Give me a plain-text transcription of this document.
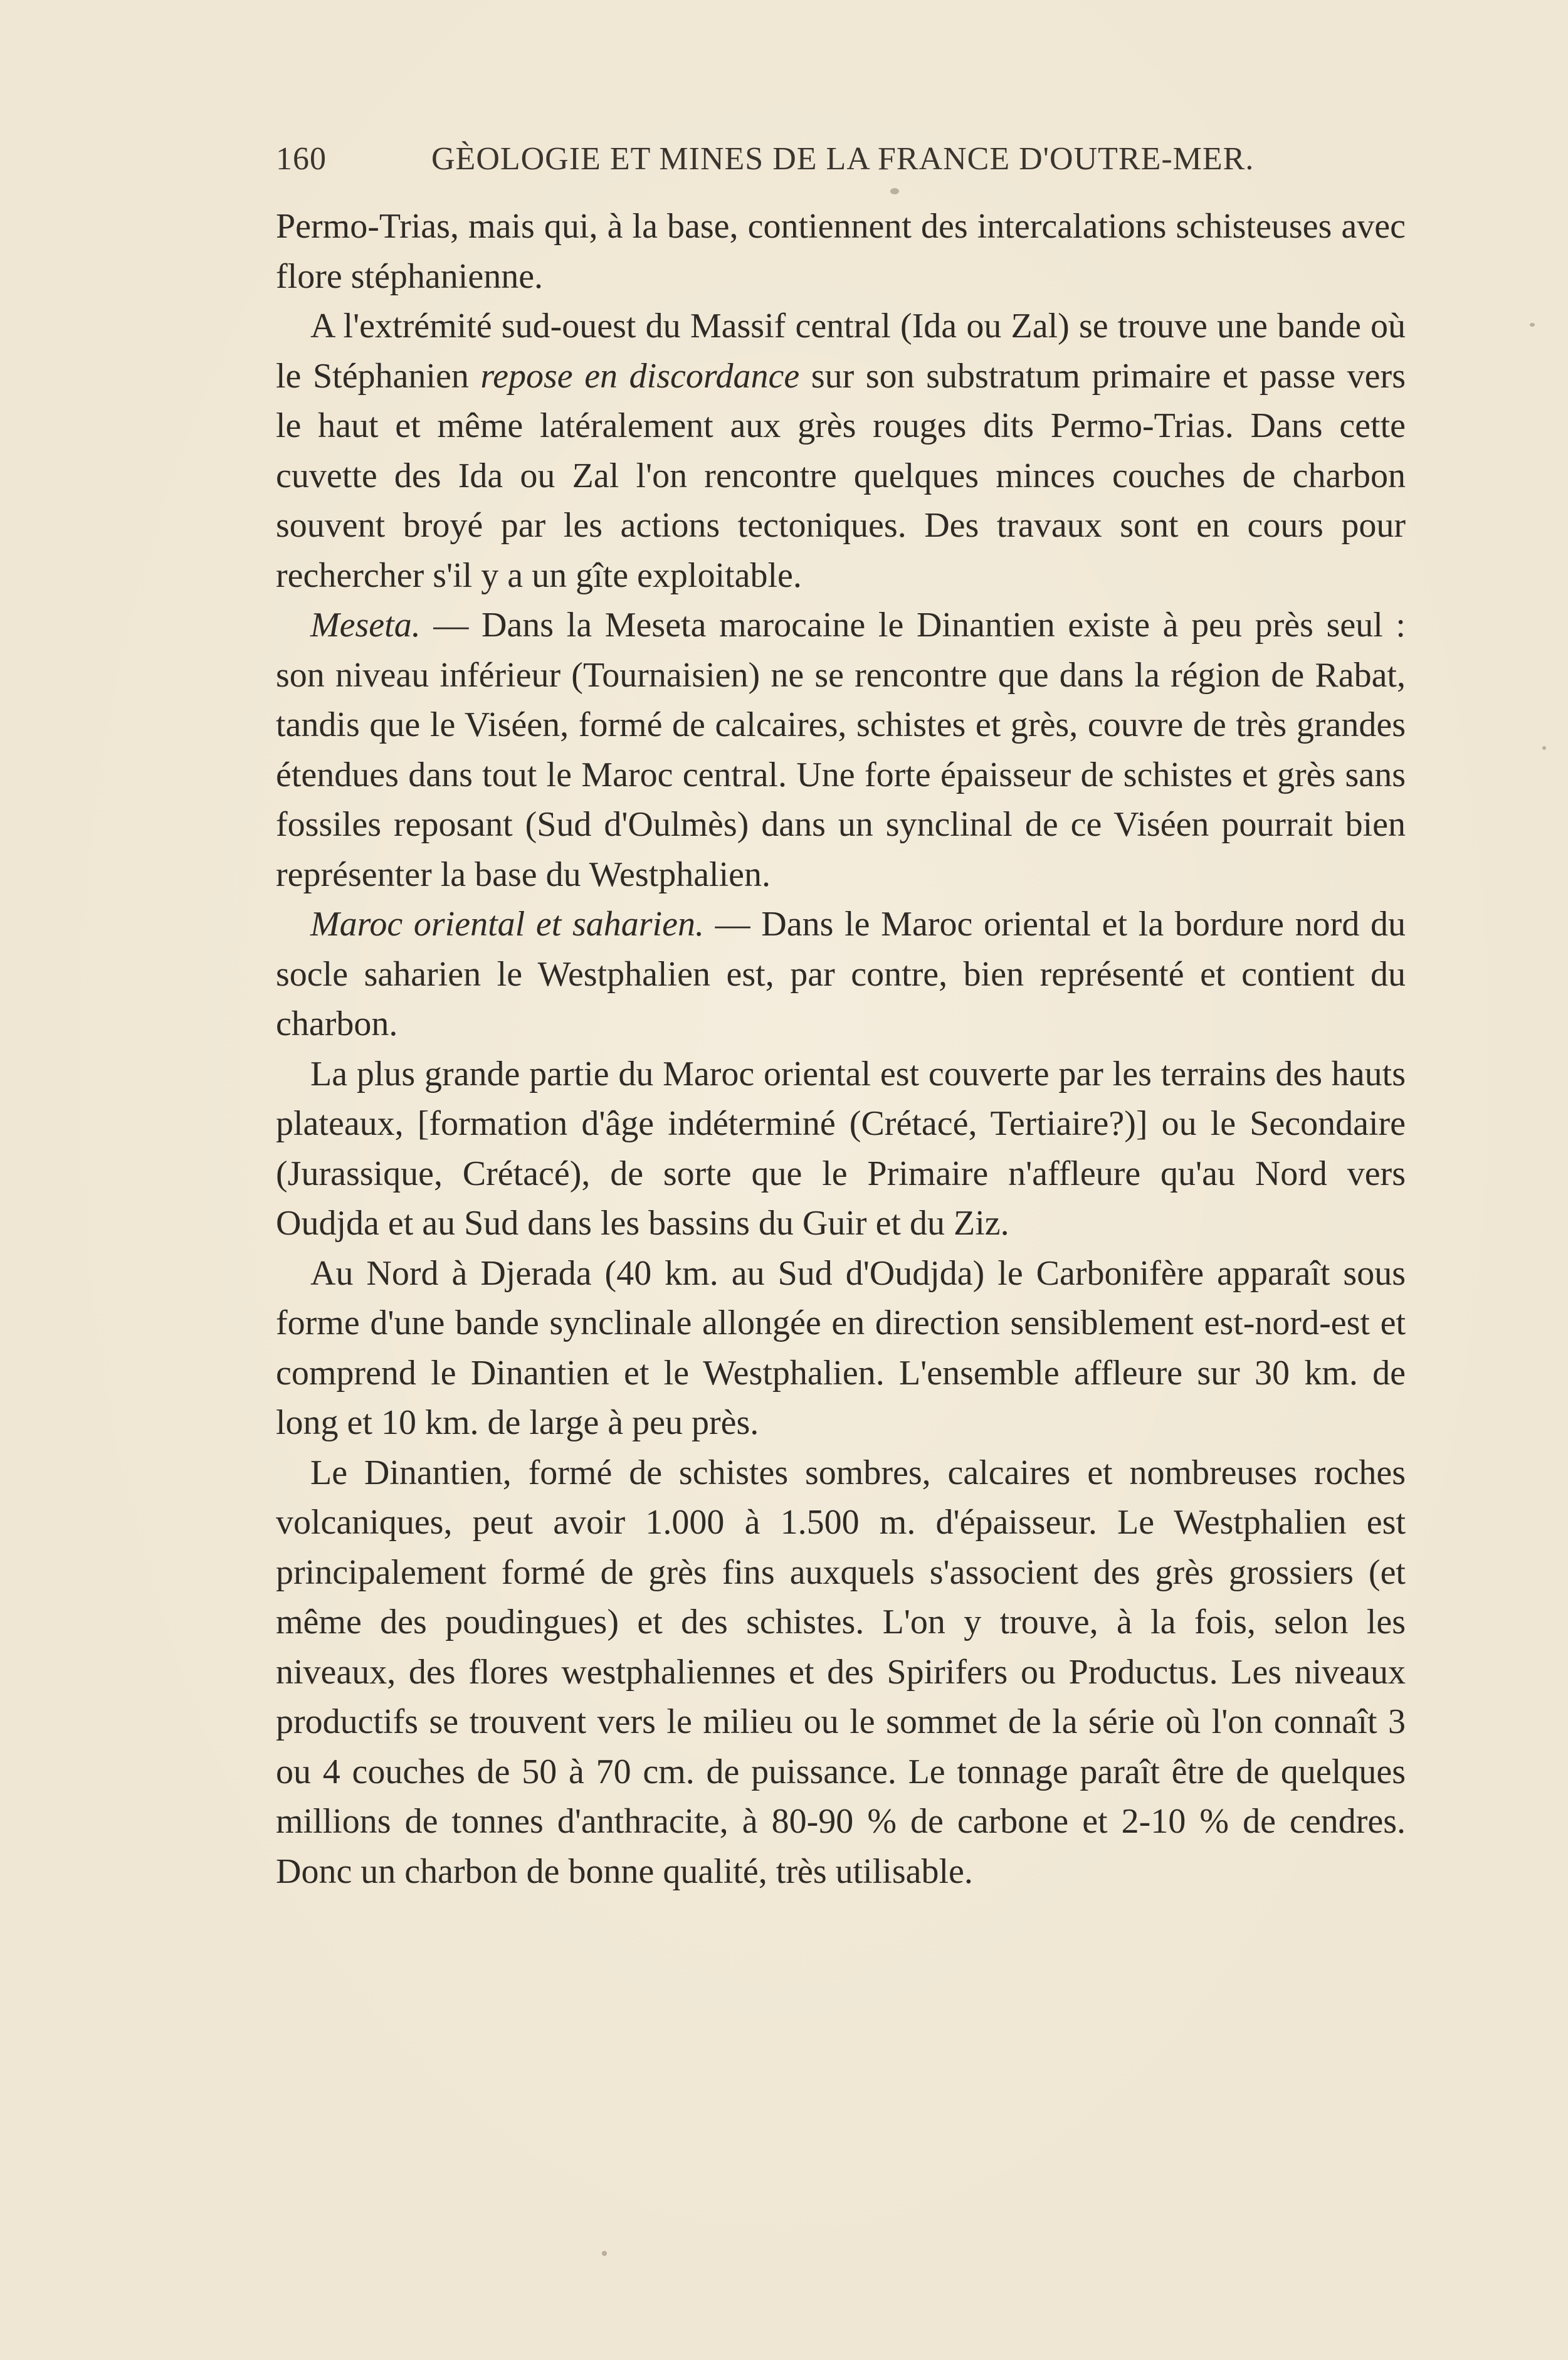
160	GÈOLOGIE ET MINES DE LA FRANCE D'OUTRE-MER.

Permo-Trias, mais qui, à la base, contiennent des intercalations schisteuses avec flore stéphanienne.

A l'extrémité sud-ouest du Massif central (Ida ou Zal) se trouve une bande où le Stéphanien repose en discordance sur son substratum primaire et passe vers le haut et même latéralement aux grès rouges dits Permo-Trias. Dans cette cuvette des Ida ou Zal l'on rencontre quelques minces couches de charbon souvent broyé par les actions tectoniques. Des travaux sont en cours pour rechercher s'il y a un gîte exploitable.

Meseta. — Dans la Meseta marocaine le Dinantien existe à peu près seul : son niveau inférieur (Tournaisien) ne se rencontre que dans la région de Rabat, tandis que le Viséen, formé de calcaires, schistes et grès, couvre de très grandes étendues dans tout le Maroc central. Une forte épaisseur de schistes et grès sans fossiles reposant (Sud d'Oulmès) dans un synclinal de ce Viséen pourrait bien représenter la base du Westphalien.

Maroc oriental et saharien. — Dans le Maroc oriental et la bordure nord du socle saharien le Westphalien est, par contre, bien représenté et contient du charbon.

La plus grande partie du Maroc oriental est couverte par les terrains des hauts plateaux, [formation d'âge indéterminé (Crétacé, Tertiaire?)] ou le Secondaire (Jurassique, Crétacé), de sorte que le Primaire n'affleure qu'au Nord vers Oudjda et au Sud dans les bassins du Guir et du Ziz.

Au Nord à Djerada (40 km. au Sud d'Oudjda) le Carbonifère apparaît sous forme d'une bande synclinale allongée en direction sensiblement est-nord-est et comprend le Dinantien et le Westphalien. L'ensemble affleure sur 30 km. de long et 10 km. de large à peu près.

Le Dinantien, formé de schistes sombres, calcaires et nombreuses roches volcaniques, peut avoir 1.000 à 1.500 m. d'épaisseur. Le Westphalien est principalement formé de grès fins auxquels s'associent des grès grossiers (et même des poudingues) et des schistes. L'on y trouve, à la fois, selon les niveaux, des flores westphaliennes et des Spirifers ou Productus. Les niveaux productifs se trouvent vers le milieu ou le sommet de la série où l'on connaît 3 ou 4 couches de 50 à 70 cm. de puissance. Le tonnage paraît être de quelques millions de tonnes d'anthracite, à 80-90 % de carbone et 2-10 % de cendres. Donc un charbon de bonne qualité, très utilisable.
